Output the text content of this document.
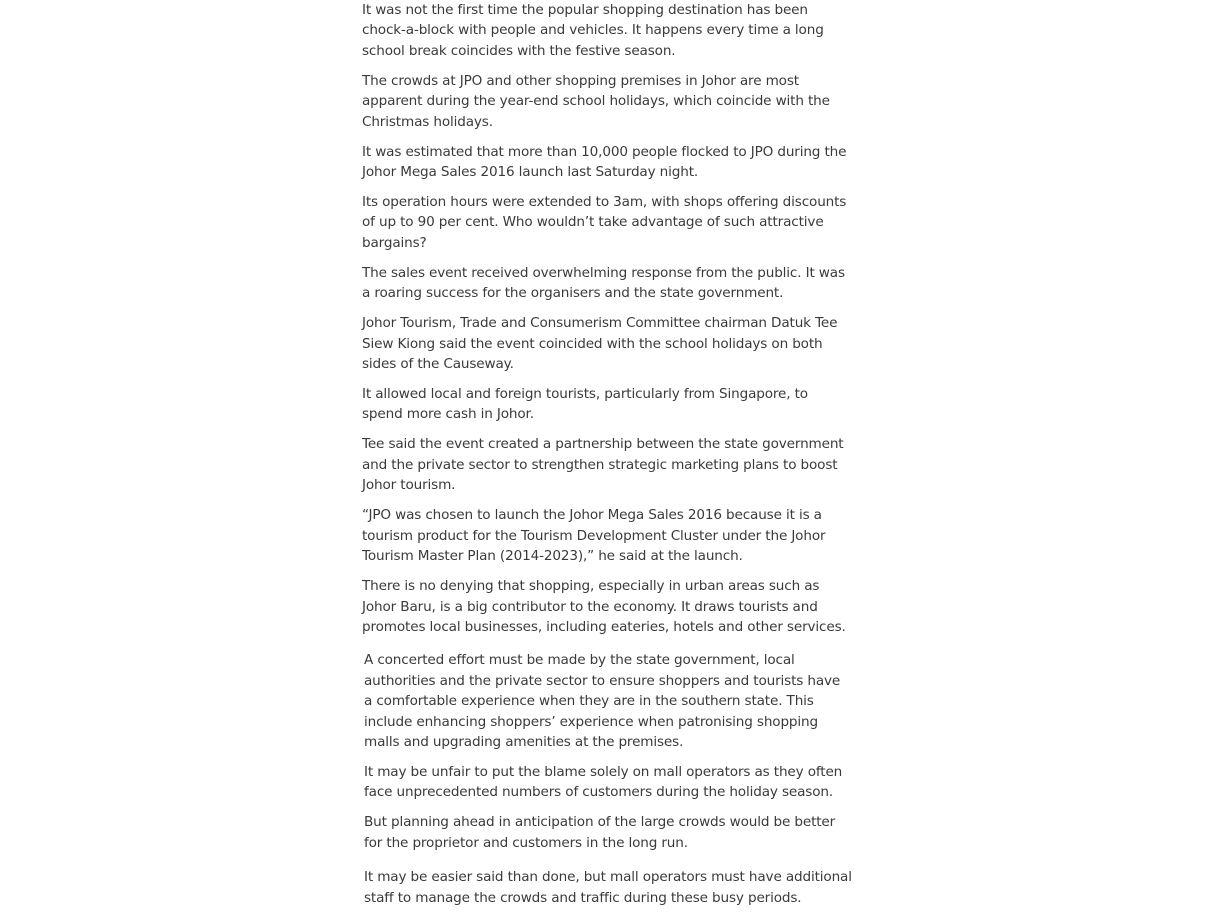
It was not the first time the popular shopping destination has been chock-a-block with people and vehicles. It happens every time a long school break coincides with the festive season.

The crowds at JPO and other shopping premises in Johor are most apparent during the year-end school holidays, which coincide with the Christmas holidays.

It was estimated that more than 10,000 people flocked to JPO during the Johor Mega Sales 2016 launch last Saturday night.

Its operation hours were extended to 3am, with shops offering discounts of up to 90 per cent. Who wouldn’t take advantage of such attractive bargains?

The sales event received overwhelming response from the public. It was a roaring success for the organisers and the state government.

Johor Tourism, Trade and Consumerism Committee chairman Datuk Tee Siew Kiong said the event coincided with the school holidays on both sides of the Causeway.

It allowed local and foreign tourists, particularly from Singapore, to spend more cash in Johor.

Tee said the event created a partnership between the state government and the private sector to strengthen strategic marketing plans to boost Johor tourism.

“JPO was chosen to launch the Johor Mega Sales 2016 because it is a tourism product for the Tourism Development Cluster under the Johor Tourism Master Plan (2014-2023),” he said at the launch.

There is no denying that shopping, especially in urban areas such as Johor Baru, is a big contributor to the economy. It draws tourists and promotes local businesses, including eateries, hotels and other services.

A concerted effort must be made by the state government, local authorities and the private sector to ensure shoppers and tourists have a comfortable experience when they are in the southern state. This include enhancing shoppers’ experience when patronising shopping malls and upgrading amenities at the premises.

It may be unfair to put the blame solely on mall operators as they often face unprecedented numbers of customers during the holiday season.

But planning ahead in anticipation of the large crowds would be better for the proprietor and customers in the long run.

It may be easier said than done, but mall operators must have additional staff to manage the crowds and traffic during these busy periods.
